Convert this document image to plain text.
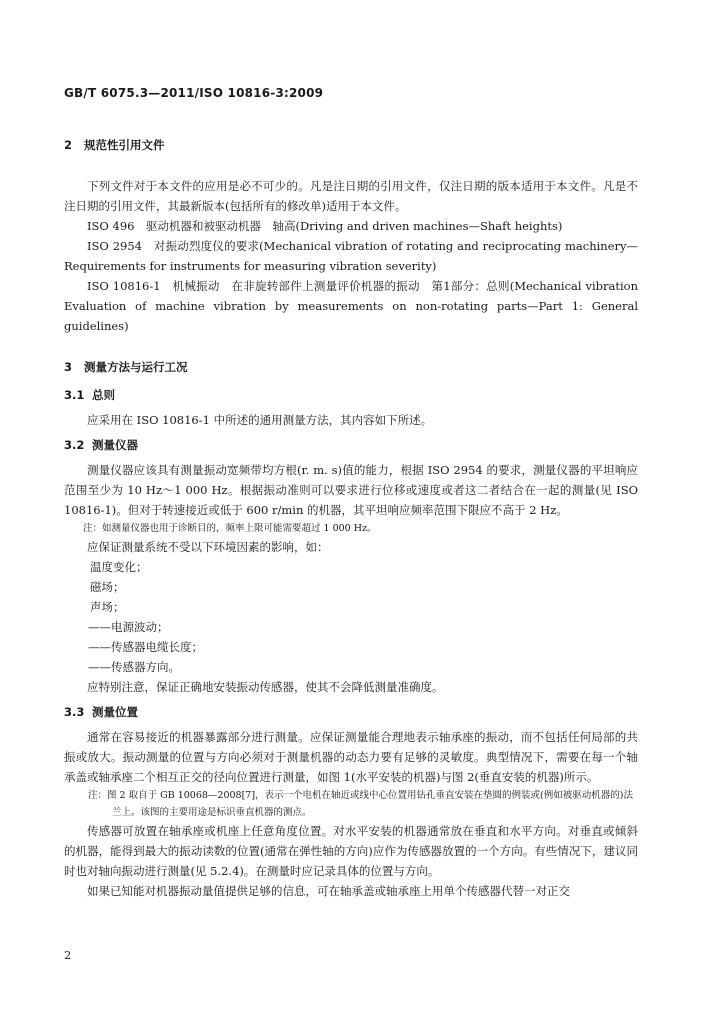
GB/T 6075.3—2011/ISO 10816-3:2009
2 规范性引用文件

下列文件对于本文件的应用是必不可少的。凡是注日期的引用文件，仅注日期的版本适用于本文件。凡是不注日期的引用文件，其最新版本(包括所有的修改单)适用于本文件。

ISO 496　驱动机器和被驱动机器　轴高(Driving and driven machines—Shaft heights)

ISO 2954　对振动烈度仪的要求(Mechanical vibration of rotating and reciprocating machinery—Requirements for instruments for measuring vibration severity)

ISO 10816-1　机械振动　在非旋转部件上测量评价机器的振动　第1部分：总则(Mechanical vibration　Evaluation of machine vibration by measurements on non-rotating parts—Part 1: General guidelines)

3 测量方法与运行工况
3.1 总则

应采用在 ISO 10816-1 中所述的通用测量方法，其内容如下所述。

3.2 测量仪器

测量仪器应该具有测量振动宽频带均方根(r. m. s)值的能力，根据 ISO 2954 的要求，测量仪器的平坦响应范围至少为 10 Hz～1 000 Hz。根据振动准则可以要求进行位移或速度或者这二者结合在一起的测量(见 ISO 10816-1)。但对于转速接近或低于 600 r/min 的机器，其平坦响应频率范围下限应不高于 2 Hz。

注：如测量仪器也用于诊断目的，频率上限可能需要超过 1 000 Hz。

应保证测量系统不受以下环境因素的影响，如：

温度变化；
磁场；
声场；
——电源波动；
——传感器电缆长度；
——传感器方向。

应特别注意，保证正确地安装振动传感器，使其不会降低测量准确度。

3.3 测量位置

通常在容易接近的机器暴露部分进行测量。应保证测量能合理地表示轴承座的振动，而不包括任何局部的共振或放大。振动测量的位置与方向必须对于测量机器的动态力要有足够的灵敏度。典型情况下，需要在每一个轴承盖或轴承座二个相互正交的径向位置进行测量，如图 1(水平安装的机器)与图 2(垂直安装的机器)所示。

注：图 2 取自于 GB 10068—2008[7]，表示一个电机在轴近或线中心位置用钻孔垂直安装在垫圆的例装或(例如被驱动机器的)法兰上。该图的主要用途是标识垂直机器的测点。

传感器可放置在轴承座或机座上任意角度位置。对水平安装的机器通常放在垂直和水平方向。对垂直或倾斜的机器，能得到最大的振动读数的位置(通常在弹性轴的方向)应作为传感器放置的一个方向。有些情况下，建议同时也对轴向振动进行测量(见 5.2.4)。在测量时应记录具体的位置与方向。

如果已知能对机器振动量值提供足够的信息，可在轴承盖或轴承座上用单个传感器代替一对正交

2
